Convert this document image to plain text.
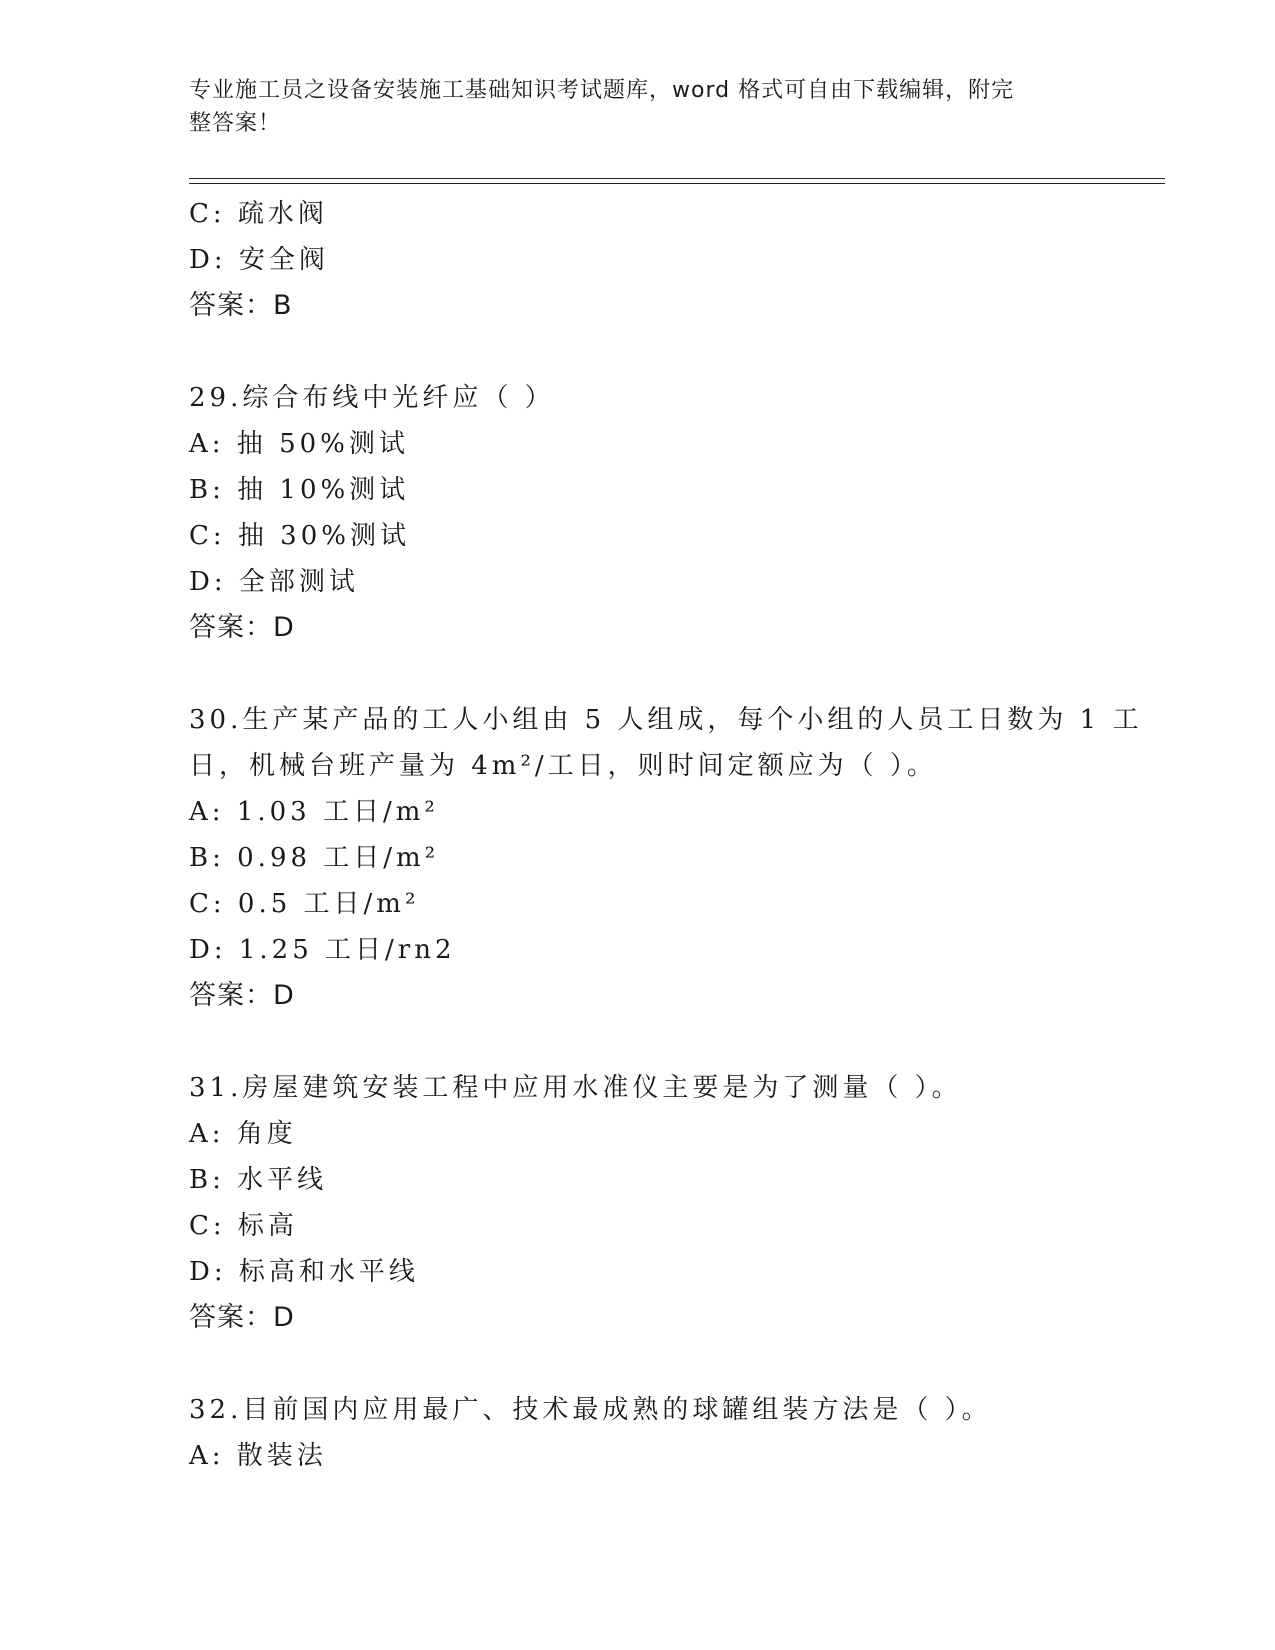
专业施工员之设备安装施工基础知识考试题库，word 格式可自由下载编辑，附完
整答案！
C: 疏水阀
D: 安全阀
答案：B
29.综合布线中光纤应（ ）
A: 抽 50%测试
B: 抽 10%测试
C: 抽 30%测试
D: 全部测试
答案：D
30.生产某产品的工人小组由 5 人组成，每个小组的人员工日数为 1 工
日，机械台班产量为 4m²/工日，则时间定额应为（ ）。
A: 1.03 工日/m²
B: 0.98 工日/m²
C: 0.5 工日/m²
D: 1.25 工日/rn2
答案：D
31.房屋建筑安装工程中应用水准仪主要是为了测量（ ）。
A: 角度
B: 水平线
C: 标高
D: 标高和水平线
答案：D
32.目前国内应用最广、技术最成熟的球罐组装方法是（ ）。
A: 散装法
